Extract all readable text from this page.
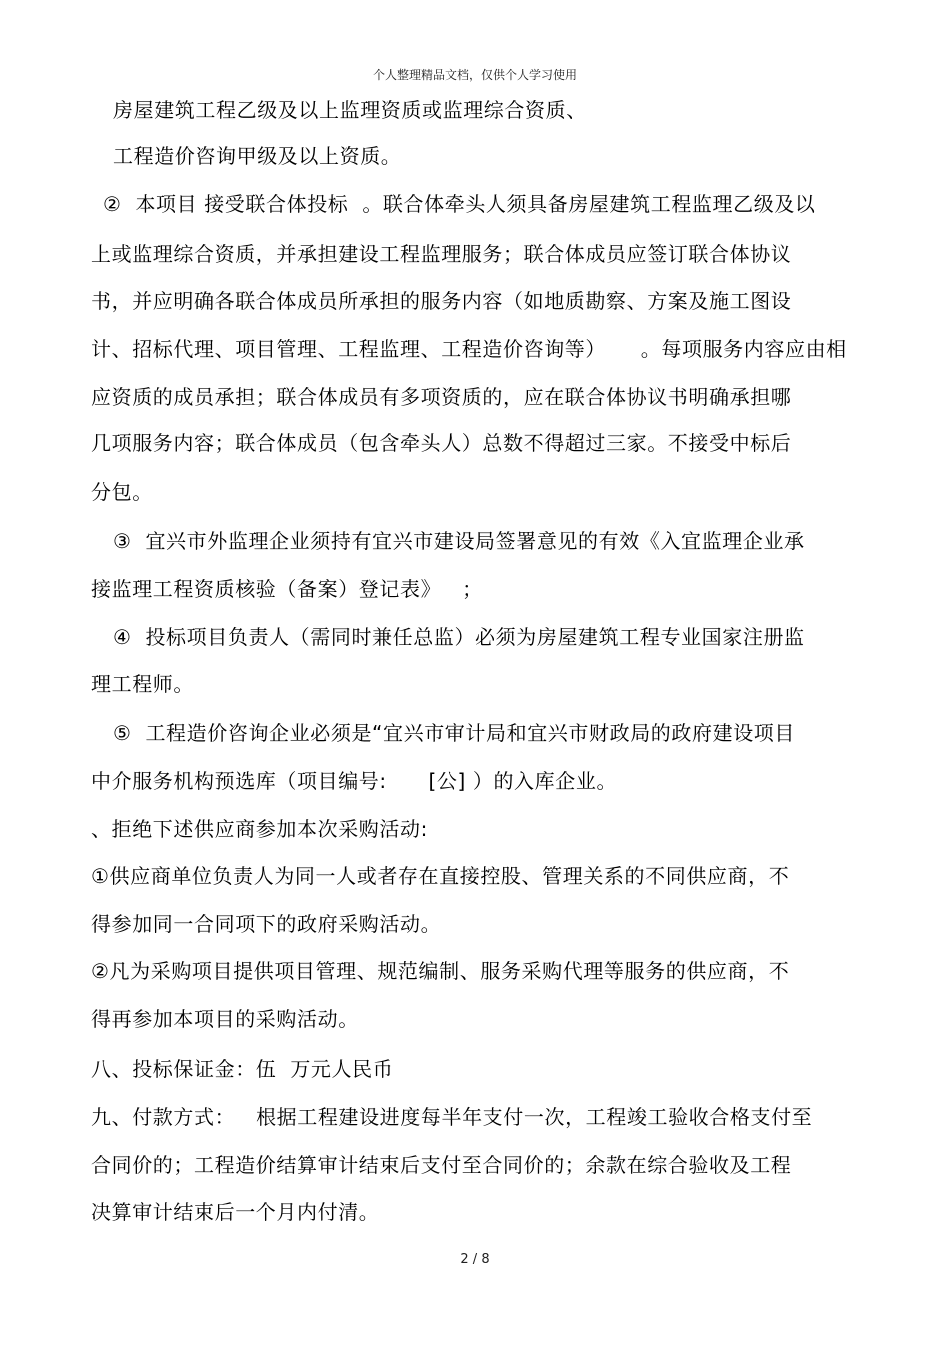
个人整理精品文档，仅供个人学习使用
房屋建筑工程乙级及以上监理资质或监理综合资质、
工程造价咨询甲级及以上资质。
②  本项目 接受联合体投标  。联合体牵头人须具备房屋建筑工程监理乙级及以
上或监理综合资质，并承担建设工程监理服务；联合体成员应签订联合体协议
书，并应明确各联合体成员所承担的服务内容（如地质勘察、方案及施工图设
计、招标代理、项目管理、工程监理、工程造价咨询等）     。每项服务内容应由相
应资质的成员承担；联合体成员有多项资质的，应在联合体协议书明确承担哪
几项服务内容；联合体成员（包含牵头人）总数不得超过三家。不接受中标后
分包。
③  宜兴市外监理企业须持有宜兴市建设局签署意见的有效《入宜监理企业承
接监理工程资质核验（备案）登记表》   ；
④  投标项目负责人（需同时兼任总监）必须为房屋建筑工程专业国家注册监
理工程师。
⑤  工程造价咨询企业必须是“宜兴市审计局和宜兴市财政局的政府建设项目
中介服务机构预选库（项目编号:      [公] ）的入库企业。
、拒绝下述供应商参加本次采购活动:
①供应商单位负责人为同一人或者存在直接控股、管理关系的不同供应商，不
得参加同一合同项下的政府采购活动。
②凡为采购项目提供项目管理、规范编制、服务采购代理等服务的供应商，不
得再参加本项目的采购活动。
八、投标保证金：伍  万元人民币
九、付款方式：   根据工程建设进度每半年支付一次，工程竣工验收合格支付至
合同价的；工程造价结算审计结束后支付至合同价的；余款在综合验收及工程
决算审计结束后一个月内付清。
2 / 8
